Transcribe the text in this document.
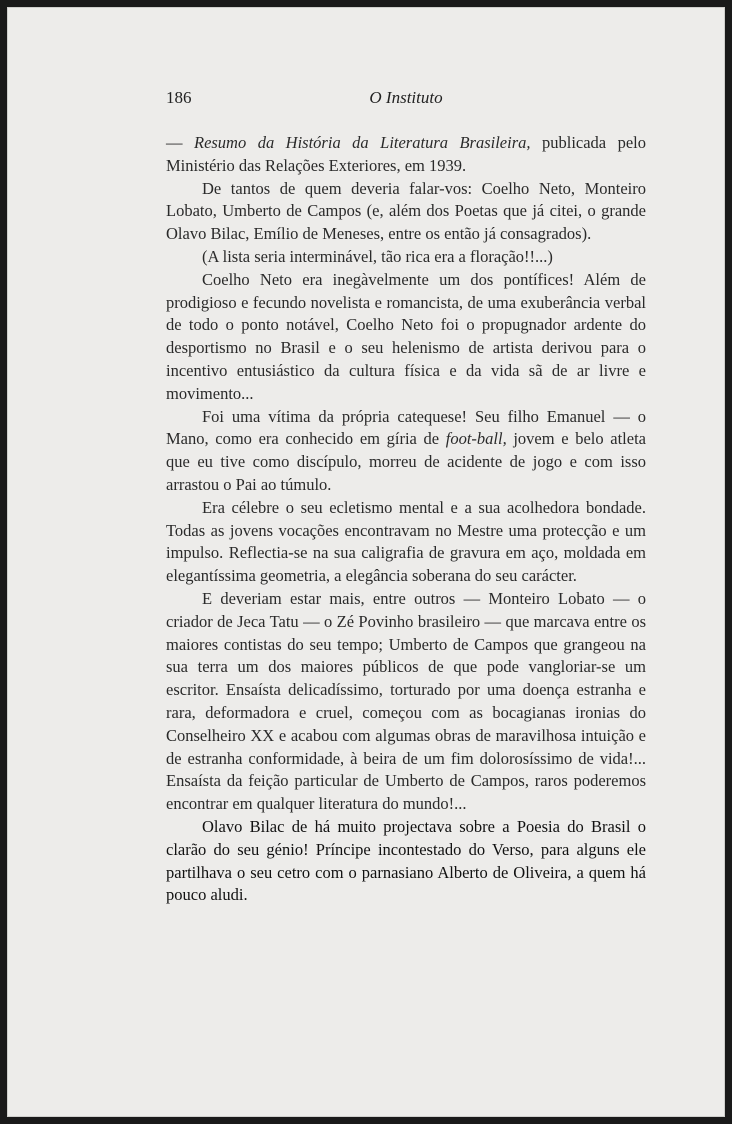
186	O Instituto

— Resumo da História da Literatura Brasileira, publicada pelo Ministério das Relações Exteriores, em 1939.

De tantos de quem deveria falar-vos: Coelho Neto, Monteiro Lobato, Umberto de Campos (e, além dos Poetas que já citei, o grande Olavo Bilac, Emílio de Meneses, entre os então já consagrados).

(A lista seria interminável, tão rica era a floração!!...)

Coelho Neto era inegàvelmente um dos pontífices! Além de prodigioso e fecundo novelista e romancista, de uma exuberância verbal de todo o ponto notável, Coelho Neto foi o propugnador ardente do desportismo no Brasil e o seu helenismo de artista derivou para o incentivo entusiástico da cultura física e da vida sã de ar livre e movimento...

Foi uma vítima da própria catequese! Seu filho Emanuel — o Mano, como era conhecido em gíria de foot-ball, jovem e belo atleta que eu tive como discípulo, morreu de acidente de jogo e com isso arrastou o Pai ao túmulo.

Era célebre o seu ecletismo mental e a sua acolhedora bondade. Todas as jovens vocações encontravam no Mestre uma protecção e um impulso. Reflectia-se na sua caligrafia de gravura em aço, moldada em elegantíssima geometria, a elegância soberana do seu carácter.

E deveriam estar mais, entre outros — Monteiro Lobato — o criador de Jeca Tatu — o Zé Povinho brasileiro — que marcava entre os maiores contistas do seu tempo; Umberto de Campos que grangeou na sua terra um dos maiores públicos de que pode vangloriar-se um escritor. Ensaísta delicadíssimo, torturado por uma doença estranha e rara, deformadora e cruel, começou com as bocagianas ironias do Conselheiro XX e acabou com algumas obras de maravilhosa intuição e de estranha conformidade, à beira de um fim dolorosíssimo de vida!... Ensaísta da feição particular de Umberto de Campos, raros poderemos encontrar em qualquer literatura do mundo!...

Olavo Bilac de há muito projectava sobre a Poesia do Brasil o clarão do seu génio! Príncipe incontestado do Verso, para alguns ele partilhava o seu cetro com o parnasiano Alberto de Oliveira, a quem há pouco aludi.
